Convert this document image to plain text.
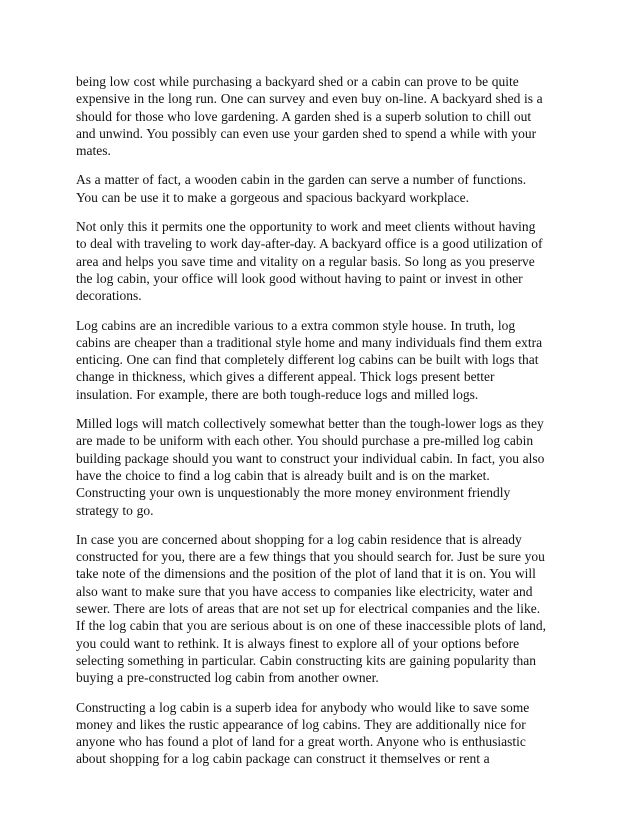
being low cost while purchasing a backyard shed or a cabin can prove to be quite
expensive in the long run. One can survey and even buy on-line. A backyard shed is a
should for those who love gardening. A garden shed is a superb solution to chill out
and unwind. You possibly can even use your garden shed to spend a while with your
mates.

As a matter of fact, a wooden cabin in the garden can serve a number of functions.
You can be use it to make a gorgeous and spacious backyard workplace.

Not only this it permits one the opportunity to work and meet clients without having
to deal with traveling to work day-after-day. A backyard office is a good utilization of
area and helps you save time and vitality on a regular basis. So long as you preserve
the log cabin, your office will look good without having to paint or invest in other
decorations.

Log cabins are an incredible various to a extra common style house. In truth, log
cabins are cheaper than a traditional style home and many individuals find them extra
enticing. One can find that completely different log cabins can be built with logs that
change in thickness, which gives a different appeal. Thick logs present better
insulation. For example, there are both tough-reduce logs and milled logs.

Milled logs will match collectively somewhat better than the tough-lower logs as they
are made to be uniform with each other. You should purchase a pre-milled log cabin
building package should you want to construct your individual cabin. In fact, you also
have the choice to find a log cabin that is already built and is on the market.
Constructing your own is unquestionably the more money environment friendly
strategy to go.

In case you are concerned about shopping for a log cabin residence that is already
constructed for you, there are a few things that you should search for. Just be sure you
take note of the dimensions and the position of the plot of land that it is on. You will
also want to make sure that you have access to companies like electricity, water and
sewer. There are lots of areas that are not set up for electrical companies and the like.
If the log cabin that you are serious about is on one of these inaccessible plots of land,
you could want to rethink. It is always finest to explore all of your options before
selecting something in particular. Cabin constructing kits are gaining popularity than
buying a pre-constructed log cabin from another owner.

Constructing a log cabin is a superb idea for anybody who would like to save some
money and likes the rustic appearance of log cabins. They are additionally nice for
anyone who has found a plot of land for a great worth. Anyone who is enthusiastic
about shopping for a log cabin package can construct it themselves or rent a
